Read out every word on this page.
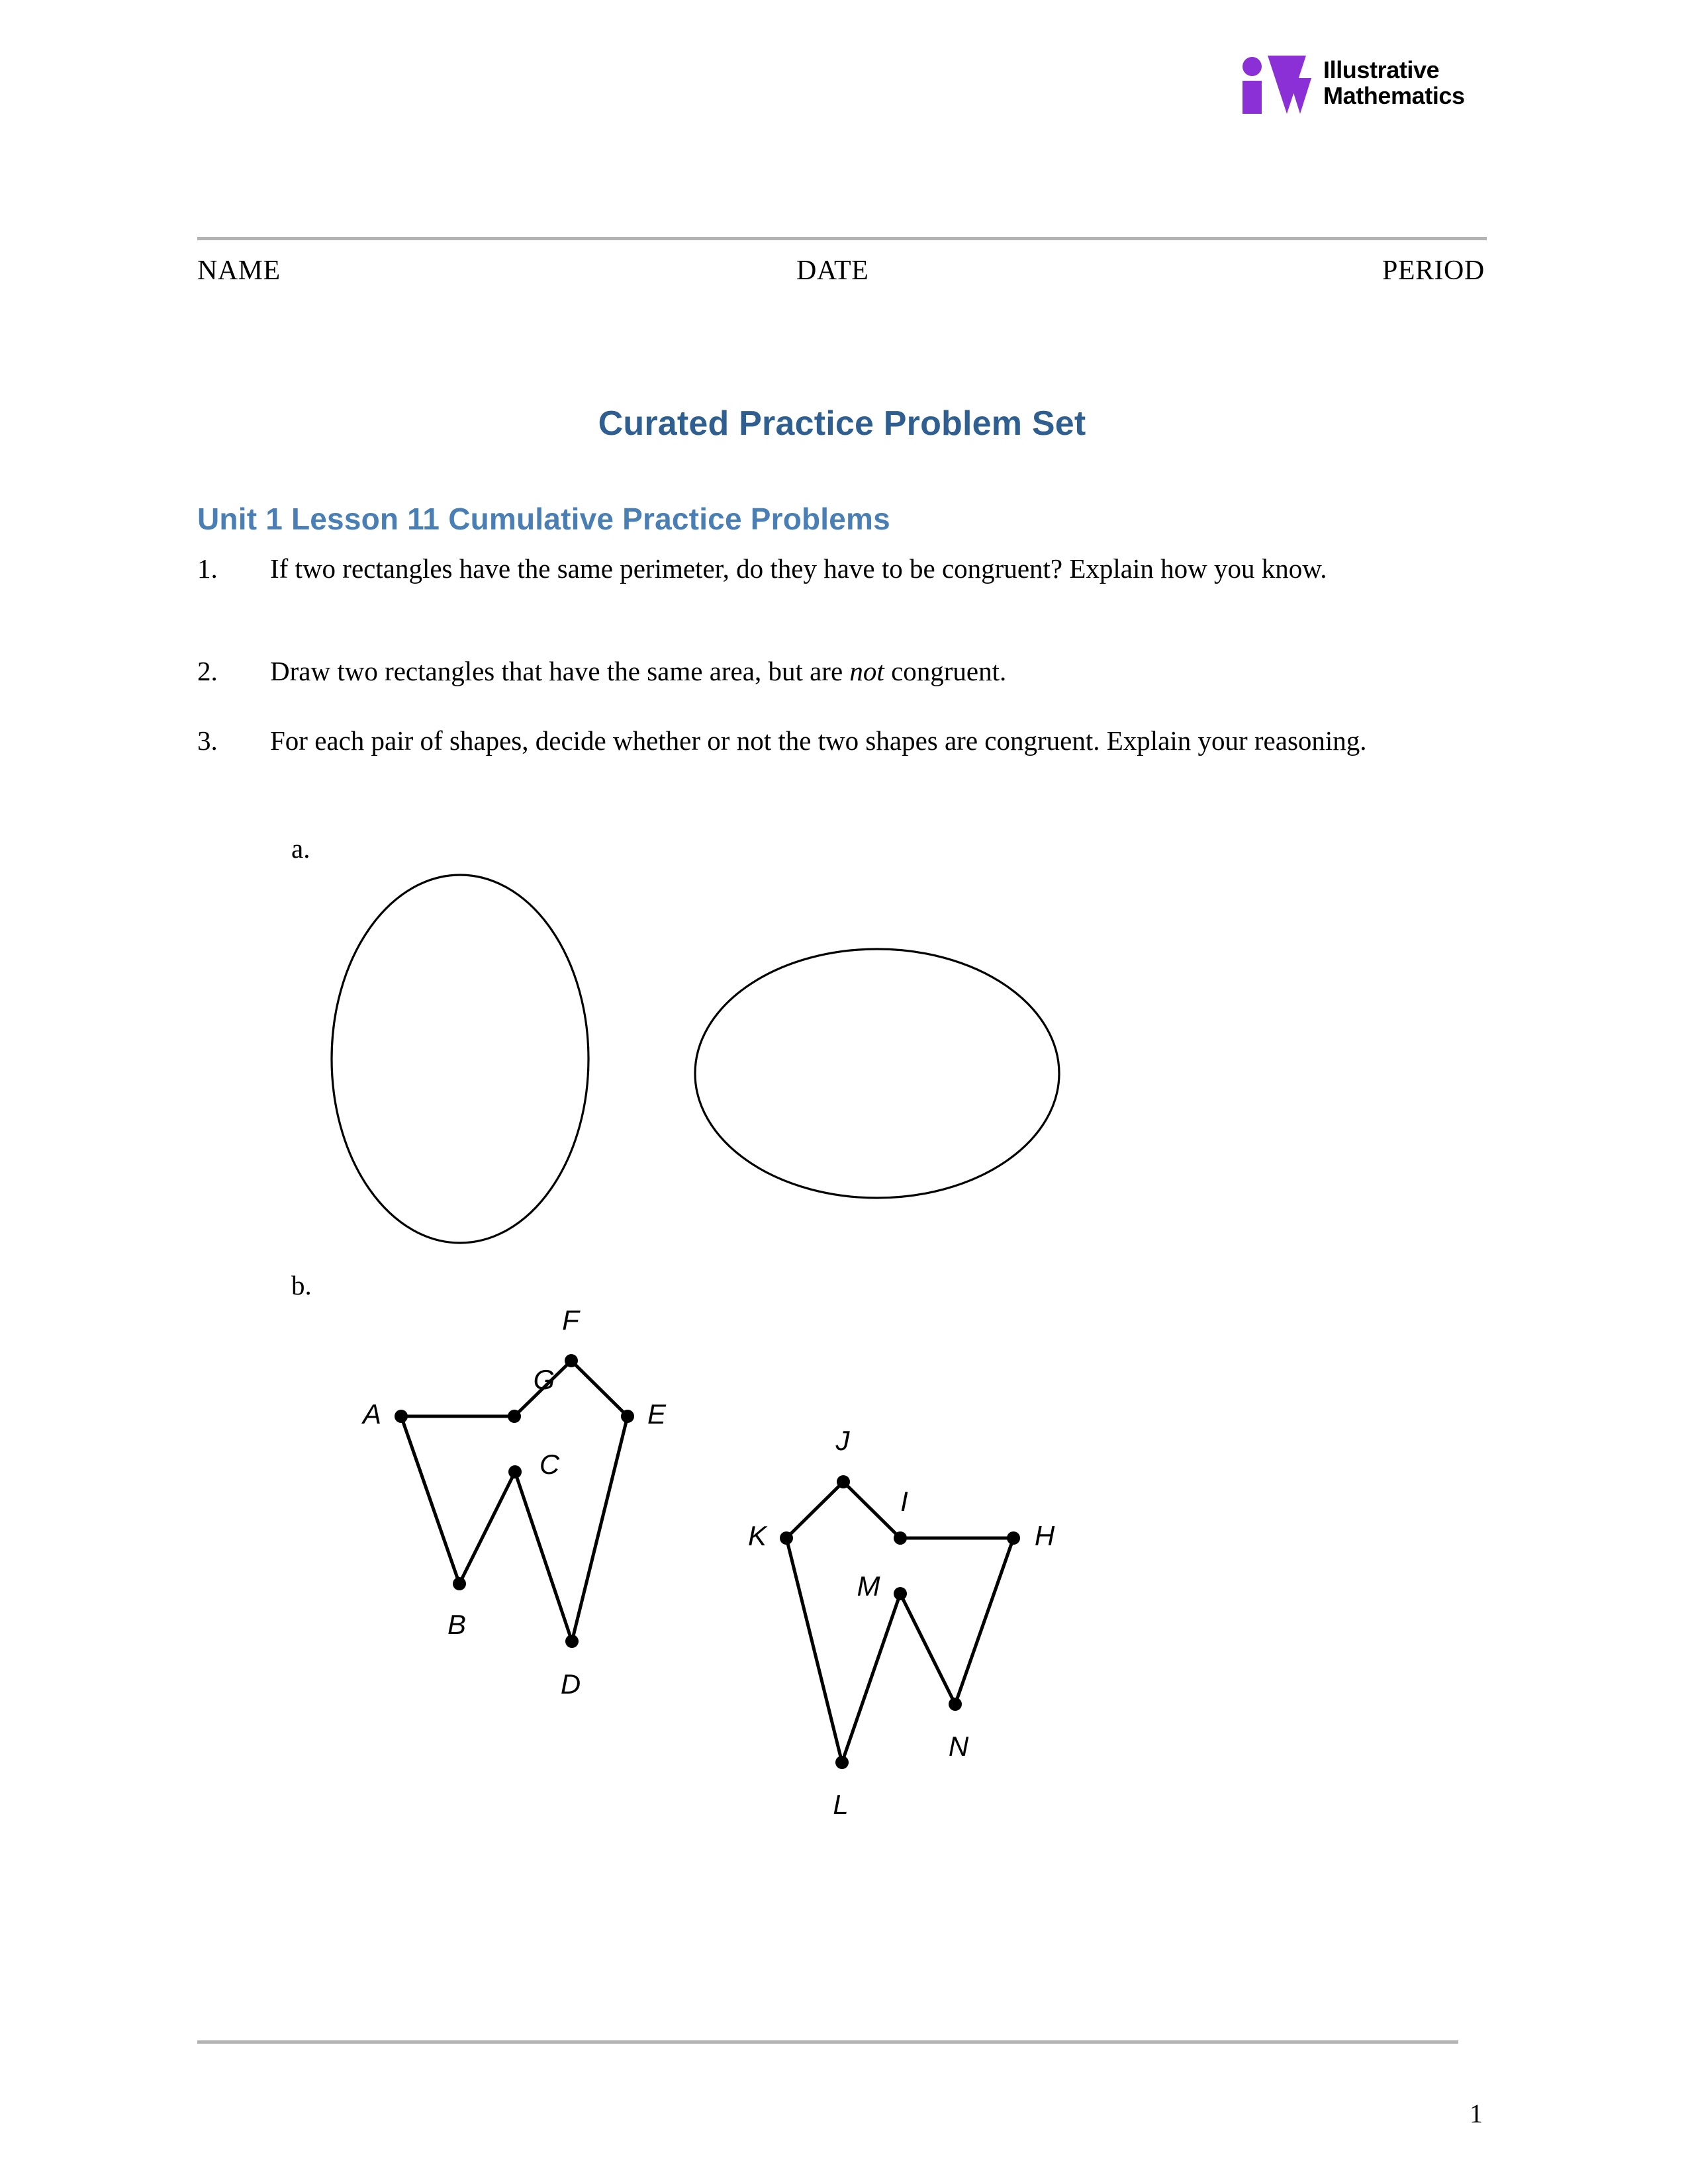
Illustrative
Mathematics
NAME	DATE	PERIOD
Curated Practice Problem Set
Unit 1 Lesson 11 Cumulative Practice Problems
1.	If two rectangles have the same perimeter, do they have to be congruent? Explain how you know.
2.	Draw two rectangles that have the same area, but are not congruent.
3.	For each pair of shapes, decide whether or not the two shapes are congruent. Explain your reasoning.
a.
b.
A
B
C
D
E
F
G
H
I
J
K
L
M
N
1
